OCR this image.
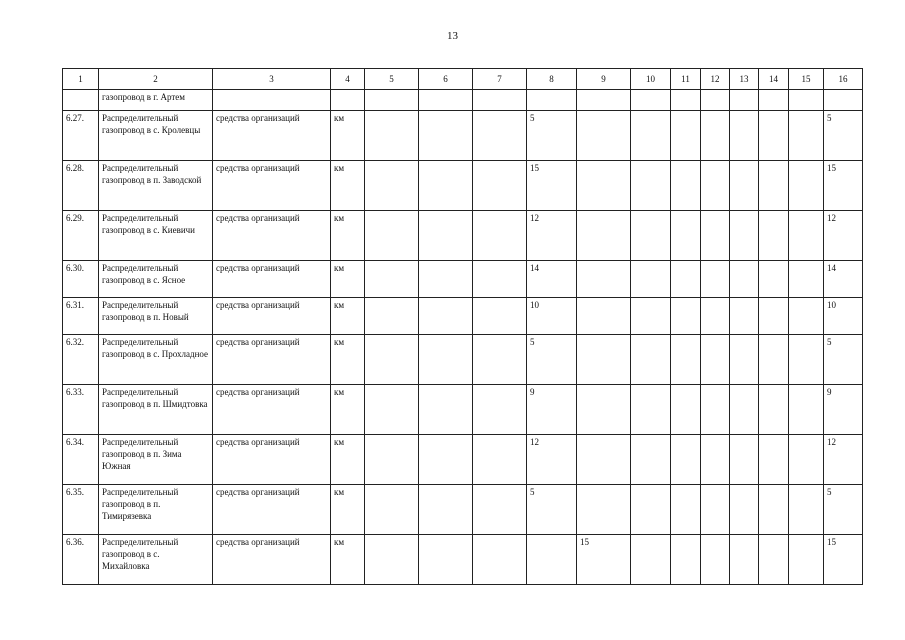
13
1	2	3	4	5	6	7	8	9	10	11	12	13	14	15	16
	газопровод в г. Артем														
6.27.	Распределительный газопровод в с. Кролевцы	средства организаций	км				5								5
6.28.	Распределительный газопровод в п. Заводской	средства организаций	км				15								15
6.29.	Распределительный газопровод в с. Киевичи	средства организаций	км				12								12
6.30.	Распределительный газопровод в с. Ясное	средства организаций	км				14								14
6.31.	Распределительный газопровод в п. Новый	средства организаций	км				10								10
6.32.	Распределительный газопровод в с. Прохладное	средства организаций	км				5								5
6.33.	Распределительный газопровод в п. Шмидтовка	средства организаций	км				9								9
6.34.	Распределительный газопровод в п. Зима Южная	средства организаций	км				12								12
6.35.	Распределительный газопровод в п. Тимирязевка	средства организаций	км				5								5
6.36.	Распределительный газопровод в с. Михайловка	средства организаций	км					15							15
